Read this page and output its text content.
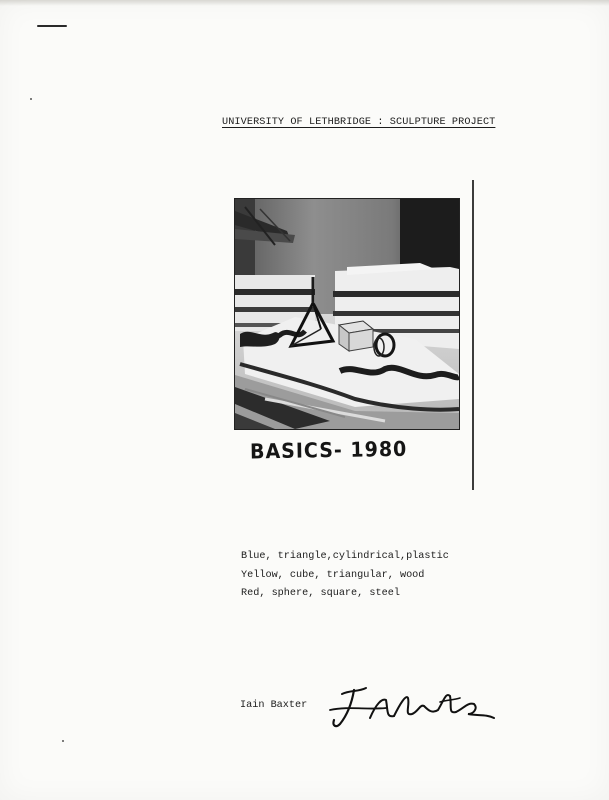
UNIVERSITY OF LETHBRIDGE : SCULPTURE PROJECT
BASICS- 1980
Blue, triangle,cylindrical,plastic
Yellow, cube, triangular, wood
Red, sphere, square, steel
Iain Baxter
